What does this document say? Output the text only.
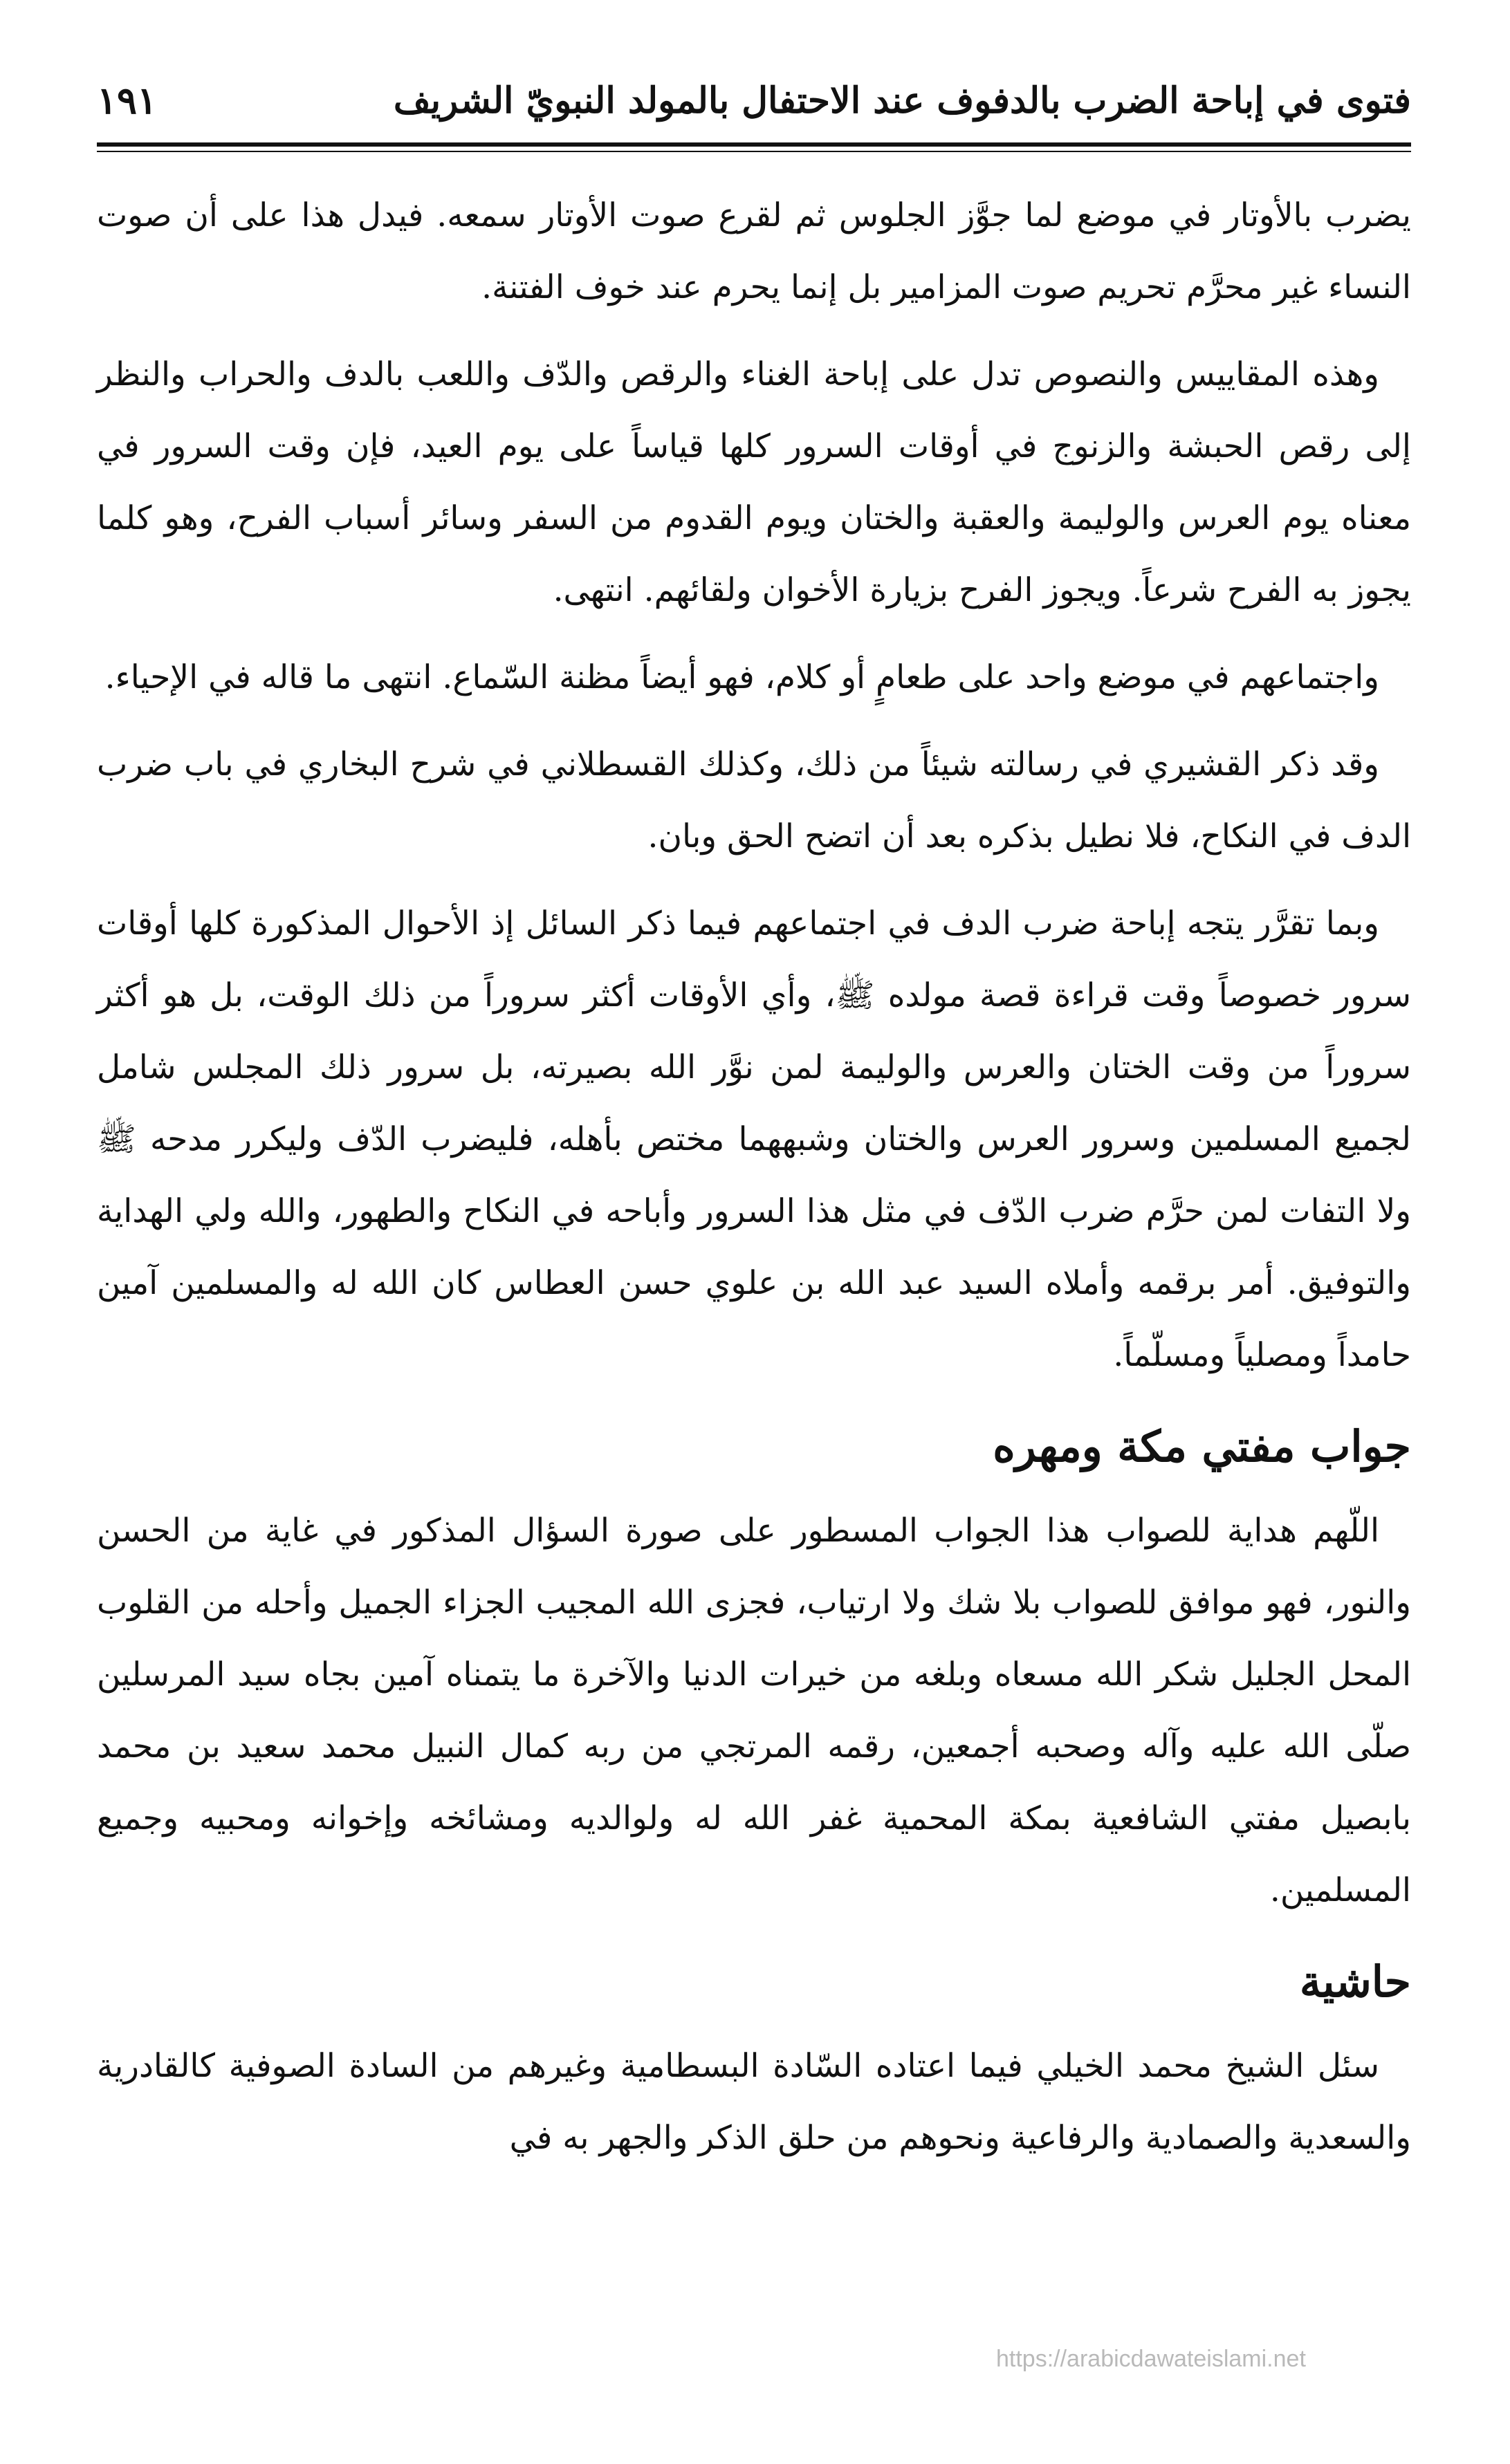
فتوى في إباحة الضرب بالدفوف عند الاحتفال بالمولد النبويّ الشريف
١٩١

يضرب بالأوتار في موضع لما جوَّز الجلوس ثم لقرع صوت الأوتار سمعه. فيدل هذا على أن صوت النساء غير محرَّم تحريم صوت المزامير بل إنما يحرم عند خوف الفتنة.

وهذه المقاييس والنصوص تدل على إباحة الغناء والرقص والدّف واللعب بالدف والحراب والنظر إلى رقص الحبشة والزنوج في أوقات السرور كلها قياساً على يوم العيد، فإن وقت السرور في معناه يوم العرس والوليمة والعقبة والختان ويوم القدوم من السفر وسائر أسباب الفرح، وهو كلما يجوز به الفرح شرعاً. ويجوز الفرح بزيارة الأخوان ولقائهم. انتهى.

واجتماعهم في موضع واحد على طعامٍ أو كلام، فهو أيضاً مظنة السّماع. انتهى ما قاله في الإحياء.

وقد ذكر القشيري في رسالته شيئاً من ذلك، وكذلك القسطلاني في شرح البخاري في باب ضرب الدف في النكاح، فلا نطيل بذكره بعد أن اتضح الحق وبان.

وبما تقرَّر يتجه إباحة ضرب الدف في اجتماعهم فيما ذكر السائل إذ الأحوال المذكورة كلها أوقات سرور خصوصاً وقت قراءة قصة مولده ﷺ، وأي الأوقات أكثر سروراً من ذلك الوقت، بل هو أكثر سروراً من وقت الختان والعرس والوليمة لمن نوَّر الله بصيرته، بل سرور ذلك المجلس شامل لجميع المسلمين وسرور العرس والختان وشبههما مختص بأهله، فليضرب الدّف وليكرر مدحه ﷺ ولا التفات لمن حرَّم ضرب الدّف في مثل هذا السرور وأباحه في النكاح والطهور، والله ولي الهداية والتوفيق. أمر برقمه وأملاه السيد عبد الله بن علوي حسن العطاس كان الله له والمسلمين آمين حامداً ومصلياً ومسلّماً.

جواب مفتي مكة ومهره

اللّهم هداية للصواب هذا الجواب المسطور على صورة السؤال المذكور في غاية من الحسن والنور، فهو موافق للصواب بلا شك ولا ارتياب، فجزى الله المجيب الجزاء الجميل وأحله من القلوب المحل الجليل شكر الله مسعاه وبلغه من خيرات الدنيا والآخرة ما يتمناه آمين بجاه سيد المرسلين صلّى الله عليه وآله وصحبه أجمعين، رقمه المرتجي من ربه كمال النبيل محمد سعيد بن محمد بابصيل مفتي الشافعية بمكة المحمية غفر الله له ولوالديه ومشائخه وإخوانه ومحبيه وجميع المسلمين.

حاشية

سئل الشيخ محمد الخيلي فيما اعتاده السّادة البسطامية وغيرهم من السادة الصوفية كالقادرية والسعدية والصمادية والرفاعية ونحوهم من حلق الذكر والجهر به في

https://arabicdawateislami.net
